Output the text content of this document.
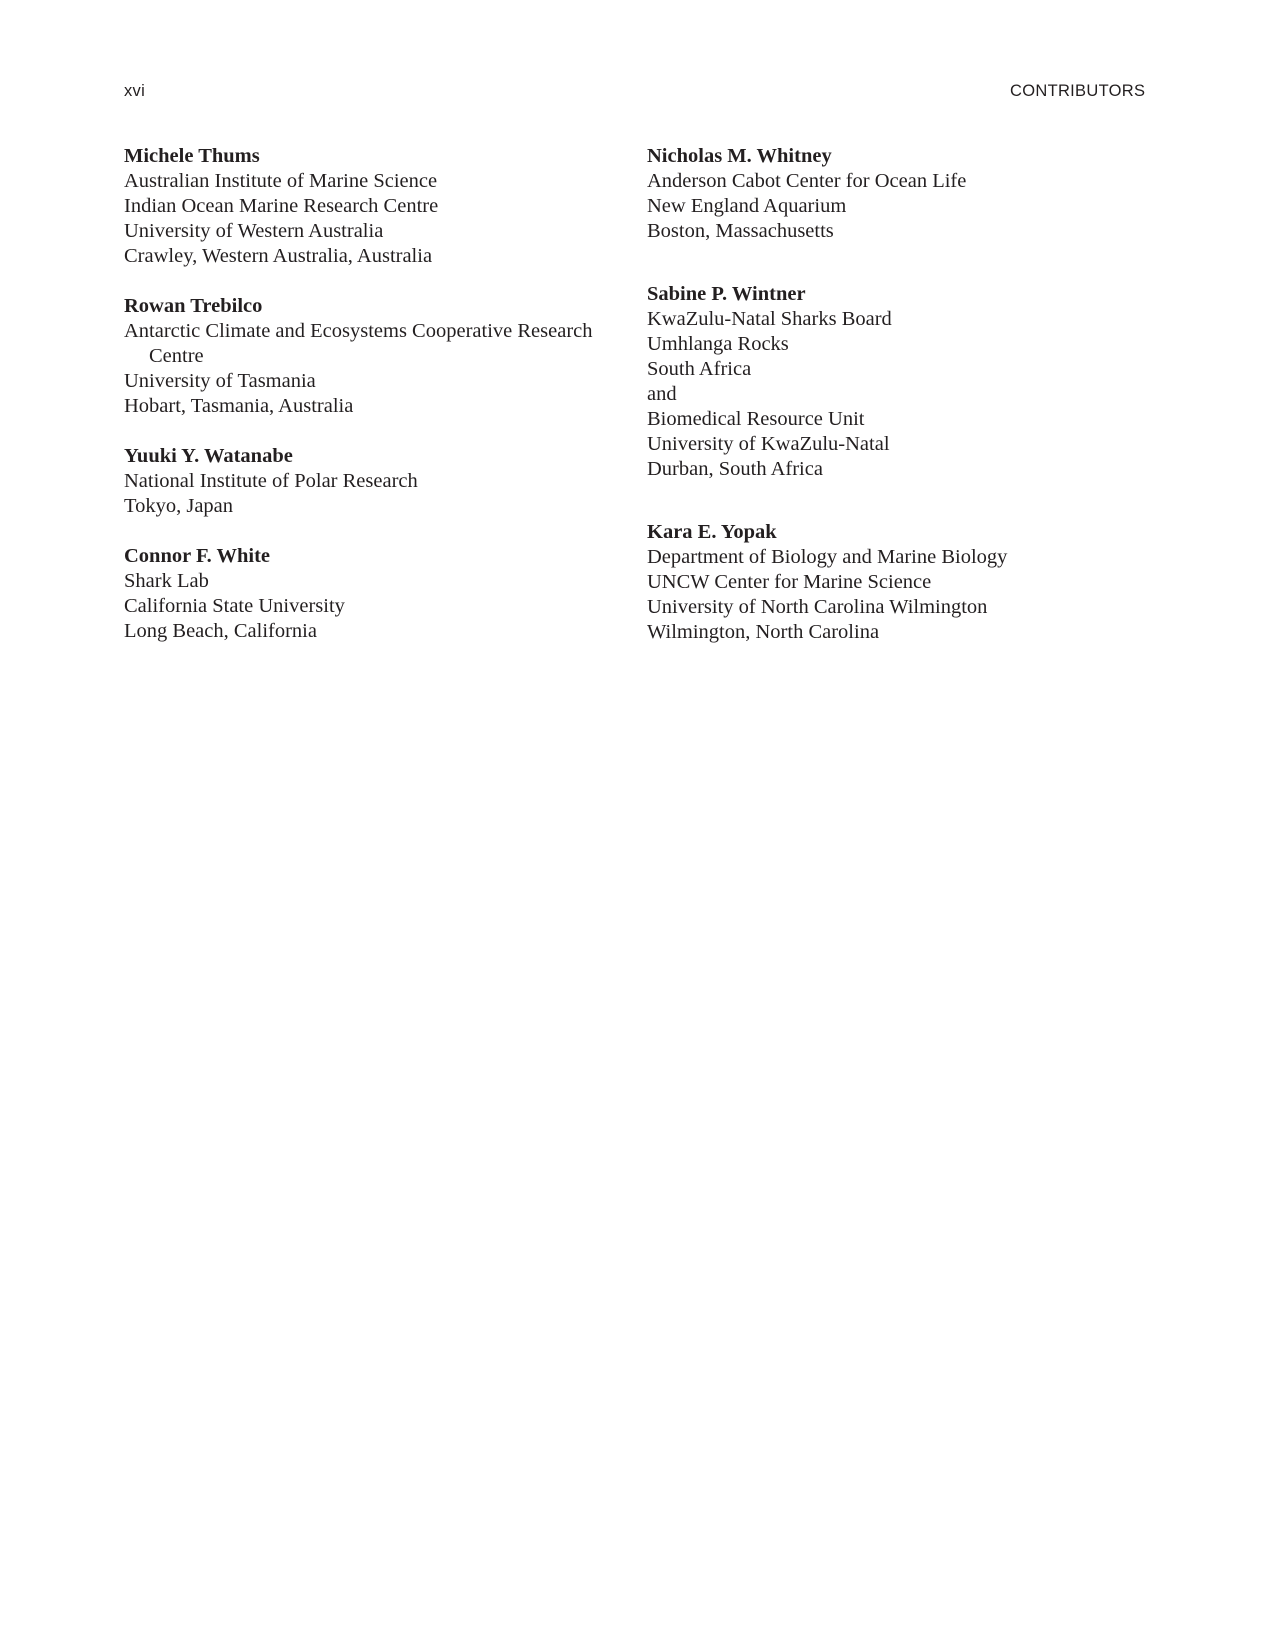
xvi	CONTRIBUTORS
Michele Thums
Australian Institute of Marine Science
Indian Ocean Marine Research Centre
University of Western Australia
Crawley, Western Australia, Australia
Rowan Trebilco
Antarctic Climate and Ecosystems Cooperative Research
Centre
University of Tasmania
Hobart, Tasmania, Australia
Yuuki Y. Watanabe
National Institute of Polar Research
Tokyo, Japan
Connor F. White
Shark Lab
California State University
Long Beach, California
Nicholas M. Whitney
Anderson Cabot Center for Ocean Life
New England Aquarium
Boston, Massachusetts
Sabine P. Wintner
KwaZulu-Natal Sharks Board
Umhlanga Rocks
South Africa
and
Biomedical Resource Unit
University of KwaZulu-Natal
Durban, South Africa
Kara E. Yopak
Department of Biology and Marine Biology
UNCW Center for Marine Science
University of North Carolina Wilmington
Wilmington, North Carolina
